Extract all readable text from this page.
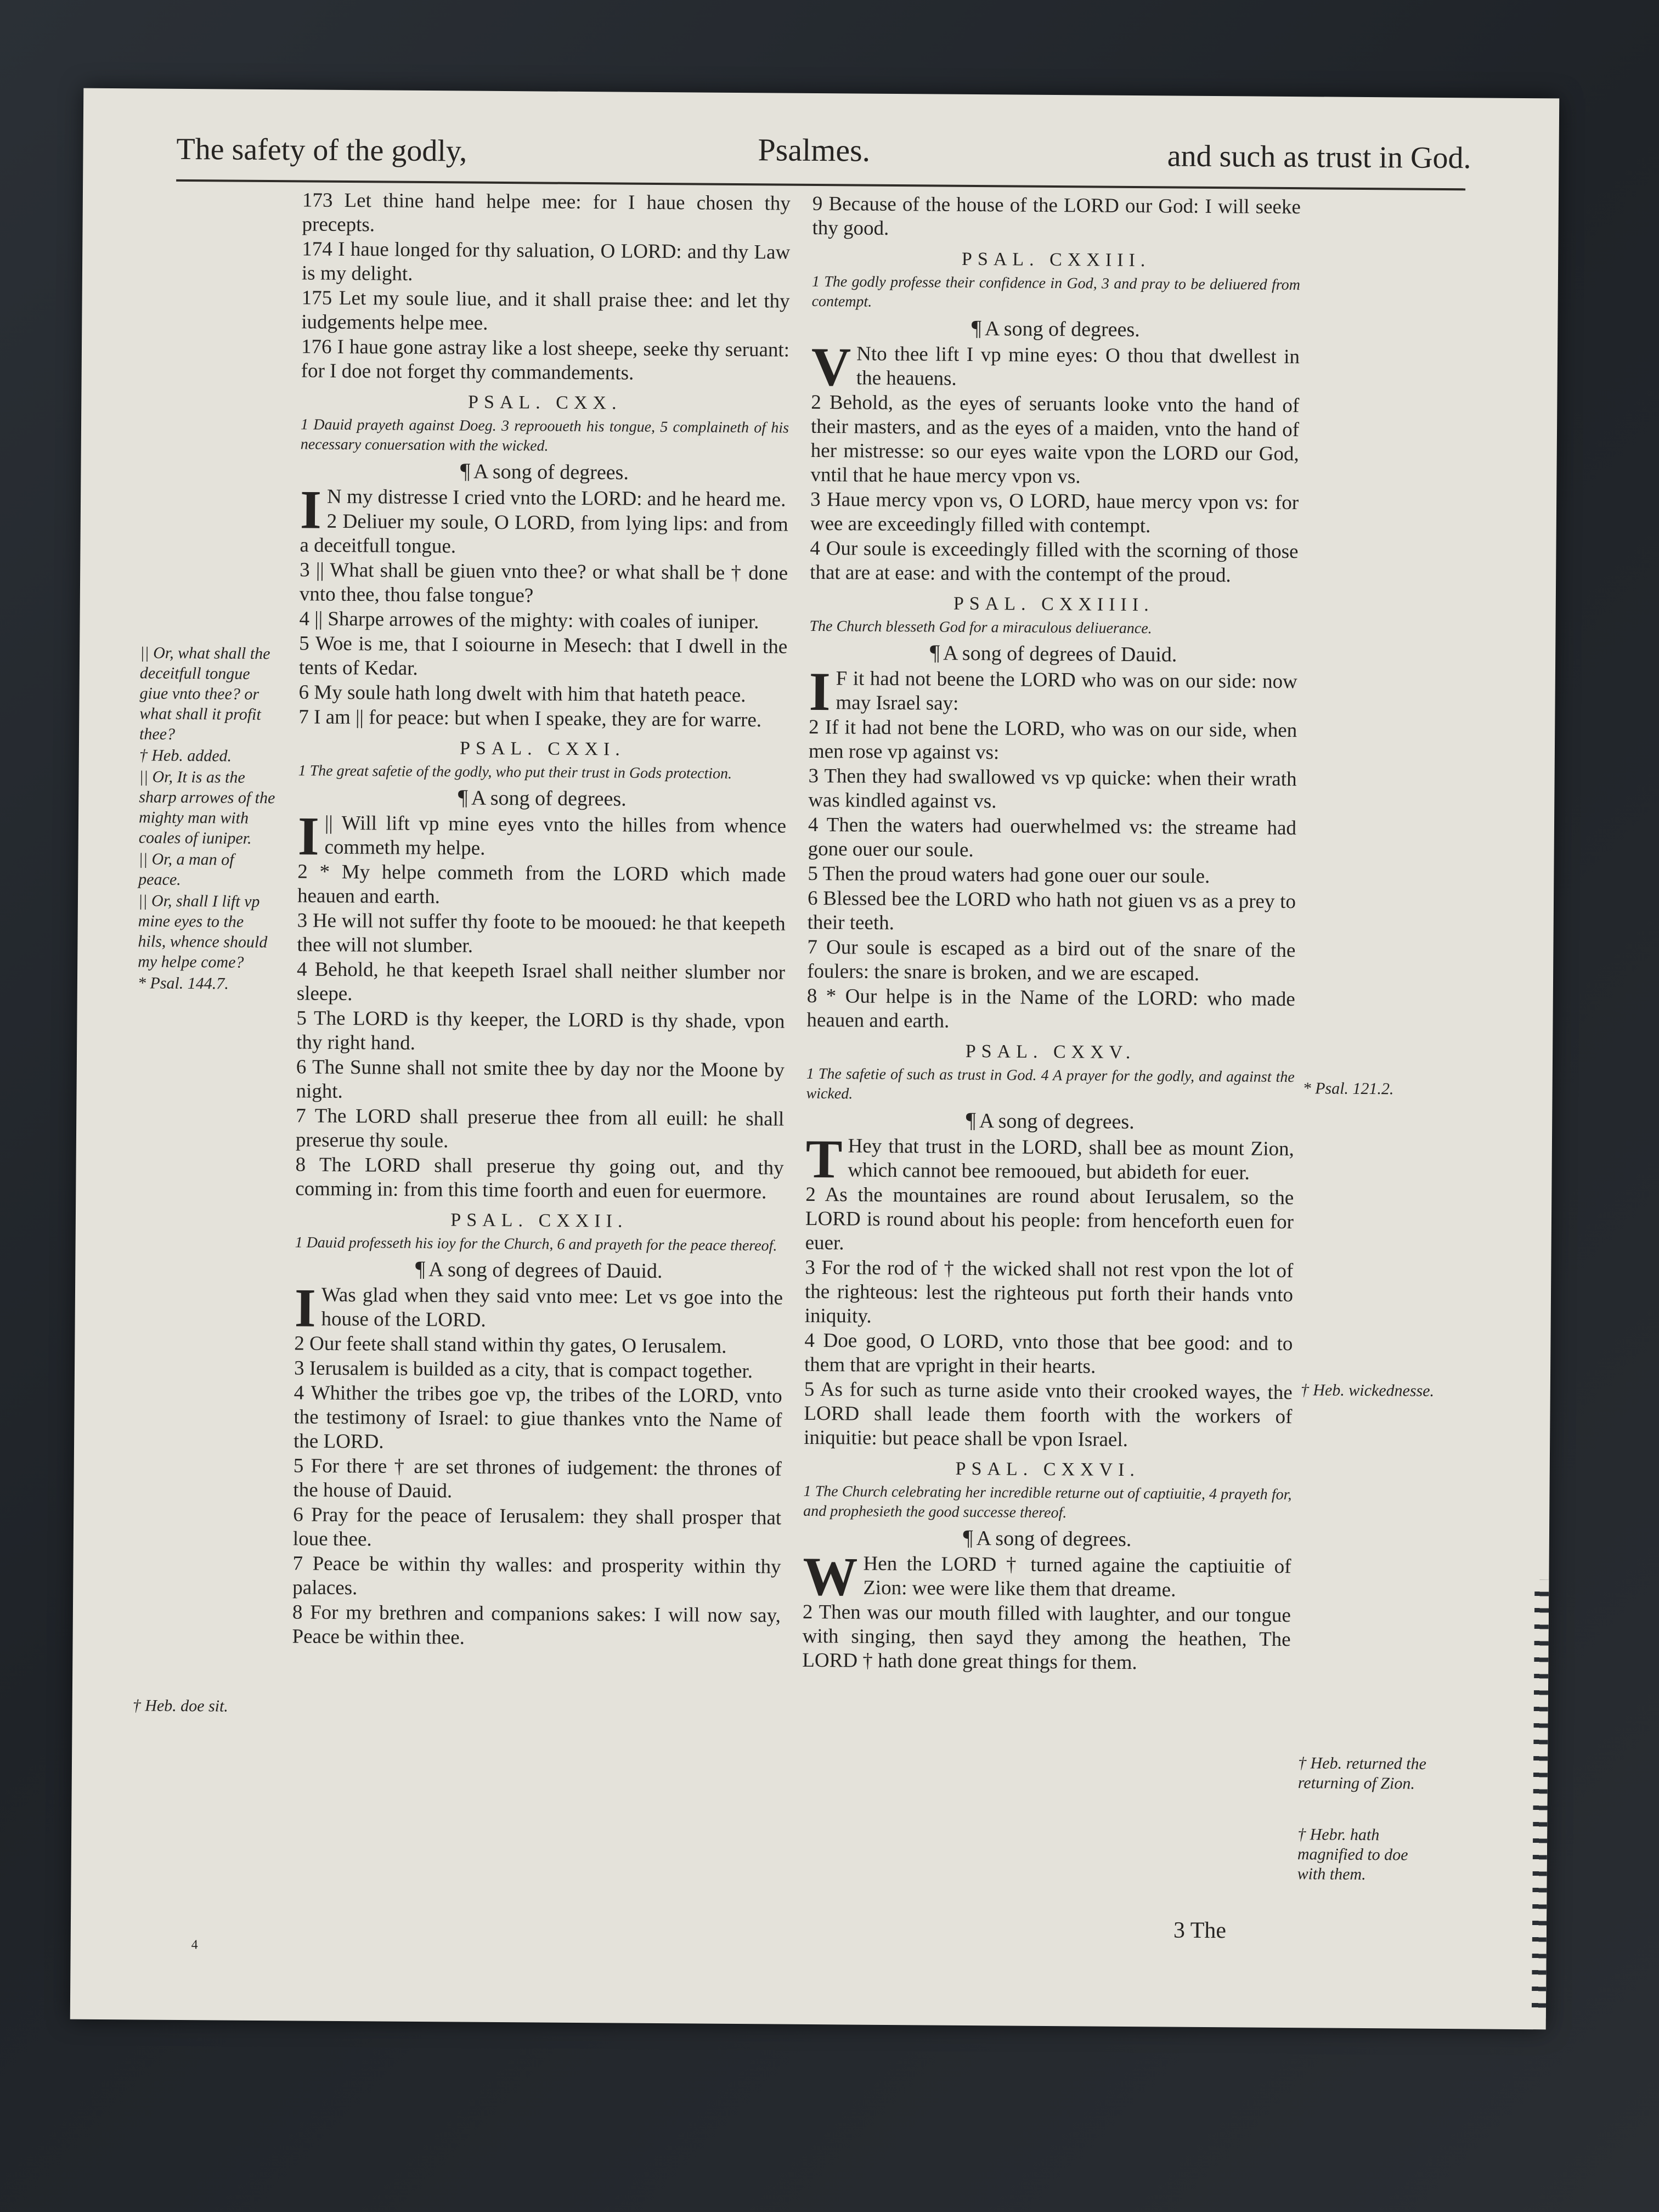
The safety of the godly,	Psalmes.	and such as trust in God.
|| Or, what shall the deceitfull tongue giue vnto thee? or what shall it profit thee?
† Heb. added.
|| Or, It is as the sharp arrowes of the mighty man with coales of iuniper.
|| Or, a man of peace.
|| Or, shall I lift vp mine eyes to the hils, whence should my helpe come?
* Psal. 144.7.
† Heb. doe sit.
* Psal. 121.2.
† Heb. wickednesse.
† Heb. returned the returning of Zion.
† Hebr. hath magnified to doe with them.

173 Let thine hand helpe mee: for I haue chosen thy precepts.

174 I haue longed for thy saluation, O LORD: and thy Law is my delight.

175 Let my soule liue, and it shall praise thee: and let thy iudgements helpe mee.

176 I haue gone astray like a lost sheepe, seeke thy seruant: for I doe not forget thy commandements.

PSAL. CXX.
1 Dauid prayeth against Doeg. 3 reprooueth his tongue, 5 complaineth of his necessary conuersation with the wicked.
¶ A song of degrees.

I N my distresse I cried vnto the LORD: and he heard me.

2 Deliuer my soule, O LORD, from lying lips: and from a deceitfull tongue.

3 || What shall be giuen vnto thee? or what shall be † done vnto thee, thou false tongue?

4 || Sharpe arrowes of the mighty: with coales of iuniper.

5 Woe is me, that I soiourne in Mesech: that I dwell in the tents of Kedar.

6 My soule hath long dwelt with him that hateth peace.

7 I am || for peace: but when I speake, they are for warre.

PSAL. CXXI.
1 The great safetie of the godly, who put their trust in Gods protection.
¶ A song of degrees.

I || Will lift vp mine eyes vnto the hilles from whence commeth my helpe.

2 * My helpe commeth from the LORD which made heauen and earth.

3 He will not suffer thy foote to be mooued: he that keepeth thee will not slumber.

4 Behold, he that keepeth Israel shall neither slumber nor sleepe.

5 The LORD is thy keeper, the LORD is thy shade, vpon thy right hand.

6 The Sunne shall not smite thee by day nor the Moone by night.

7 The LORD shall preserue thee from all euill: he shall preserue thy soule.

8 The LORD shall preserue thy going out, and thy comming in: from this time foorth and euen for euermore.

PSAL. CXXII.
1 Dauid professeth his ioy for the Church, 6 and prayeth for the peace thereof.
¶ A song of degrees of Dauid.

I Was glad when they said vnto mee: Let vs goe into the house of the LORD.

2 Our feete shall stand within thy gates, O Ierusalem.

3 Ierusalem is builded as a city, that is compact together.

4 Whither the tribes goe vp, the tribes of the LORD, vnto the testimony of Israel: to giue thankes vnto the Name of the LORD.

5 For there † are set thrones of iudgement: the thrones of the house of Dauid.

6 Pray for the peace of Ierusalem: they shall prosper that loue thee.

7 Peace be within thy walles: and prosperity within thy palaces.

8 For my brethren and companions sakes: I will now say, Peace be within thee.

9 Because of the house of the LORD our God: I will seeke thy good.

PSAL. CXXIII.
1 The godly professe their confidence in God, 3 and pray to be deliuered from contempt.
¶ A song of degrees.

V Nto thee lift I vp mine eyes: O thou that dwellest in the heauens.

2 Behold, as the eyes of seruants looke vnto the hand of their masters, and as the eyes of a maiden, vnto the hand of her mistresse: so our eyes waite vpon the LORD our God, vntil that he haue mercy vpon vs.

3 Haue mercy vpon vs, O LORD, haue mercy vpon vs: for wee are exceedingly filled with contempt.

4 Our soule is exceedingly filled with the scorning of those that are at ease: and with the contempt of the proud.

PSAL. CXXIIII.
The Church blesseth God for a miraculous deliuerance.
¶ A song of degrees of Dauid.

I F it had not beene the LORD who was on our side: now may Israel say:

2 If it had not bene the LORD, who was on our side, when men rose vp against vs:

3 Then they had swallowed vs vp quicke: when their wrath was kindled against vs.

4 Then the waters had ouerwhelmed vs: the streame had gone ouer our soule.

5 Then the proud waters had gone ouer our soule.

6 Blessed bee the LORD who hath not giuen vs as a prey to their teeth.

7 Our soule is escaped as a bird out of the snare of the foulers: the snare is broken, and we are escaped.

8 * Our helpe is in the Name of the LORD: who made heauen and earth.

PSAL. CXXV.
1 The safetie of such as trust in God. 4 A prayer for the godly, and against the wicked.
¶ A song of degrees.

T Hey that trust in the LORD, shall bee as mount Zion, which cannot bee remooued, but abideth for euer.

2 As the mountaines are round about Ierusalem, so the LORD is round about his people: from henceforth euen for euer.

3 For the rod of † the wicked shall not rest vpon the lot of the righteous: lest the righteous put forth their hands vnto iniquity.

4 Doe good, O LORD, vnto those that bee good: and to them that are vpright in their hearts.

5 As for such as turne aside vnto their crooked wayes, the LORD shall leade them foorth with the workers of iniquitie: but peace shall be vpon Israel.

PSAL. CXXVI.
1 The Church celebrating her incredible returne out of captiuitie, 4 prayeth for, and prophesieth the good successe thereof.
¶ A song of degrees.

W Hen the LORD † turned againe the captiuitie of Zion: wee were like them that dreame.

2 Then was our mouth filled with laughter, and our tongue with singing, then sayd they among the heathen, The LORD † hath done great things for them.

3 The
4
